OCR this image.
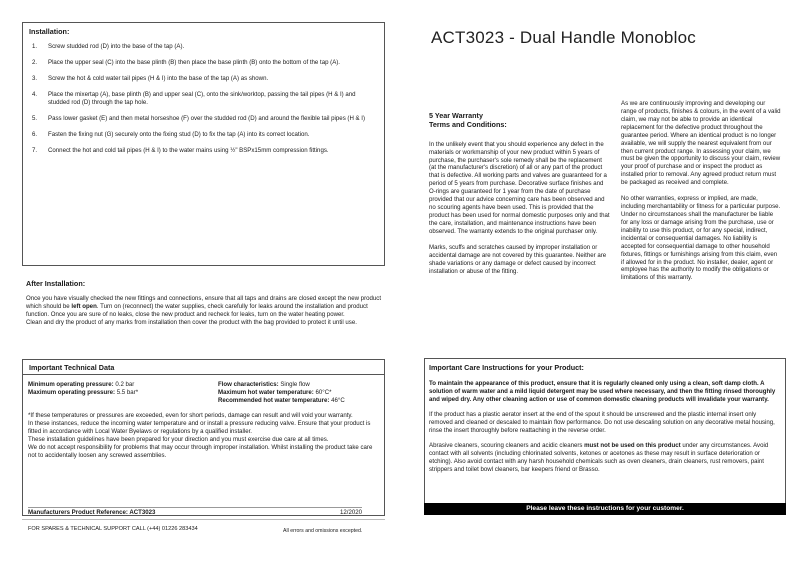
Installation:
1.	Screw studded rod (D) into the base of the tap (A).
2.	Place the upper seal (C) into the base plinth (B) then place the base plinth (B) onto the bottom of the tap (A).
3.	Screw the hot & cold water tail pipes (H & I) into the base of the tap (A) as shown.
4.	Place the mixertap (A), base plinth (B) and upper seal (C), onto the sink/worktop, passing the tail pipes (H & I) and studded rod (D) through the tap hole.
5.	Pass lower gasket (E) and then metal horseshoe (F) over the studded rod (D) and around the flexible tail pipes (H & I)
6.	Fasten the fixing nut (G) securely onto the fixing stud (D) to fix the tap (A) into its correct location.
7.	Connect the hot and cold tail pipes (H & I) to the water mains using ½" BSPx15mm compression fittings.
After Installation:

Once you have visually checked the new fittings and connections, ensure that all taps and drains are closed except the new product which should be left open. Turn on (reconnect) the water supplies, check carefully for leaks around the installation and product function. Once you are sure of no leaks, close the new product and recheck for leaks, turn on the water heating power.

Clean and dry the product of any marks from installation then cover the product with the bag provided to protect it until use.

Important Technical Data
Minimum operating pressure: 0.2 bar
Maximum operating pressure: 5.5 bar*
Flow characteristics: Single flow
Maximum hot water temperature: 60°C*
Recommended hot water temperature: 46°C

*If these temperatures or pressures are exceeded, even for short periods, damage can result and will void your warranty.
In these instances, reduce the incoming water temperature and or install a pressure reducing valve. Ensure that your product is fitted in accordance with Local Water Byelaws or regulations by a qualified installer.
These installation guidelines have been prepared for your direction and you must exercise due care at all times.
We do not accept responsibility for problems that may occur through improper installation. Whilst installing the product take care not to accidentally loosen any screwed assemblies.

Manufacturers Product Reference: ACT3023	12/2020
FOR SPARES & TECHNICAL SUPPORT CALL (+44) 01226 283434	All errors and omissions excepted.
ACT3023 - Dual Handle Monobloc
5 Year Warranty
Terms and Conditions:

In the unlikely event that you should experience any defect in the materials or workmanship of your new product within 5 years of purchase, the purchaser's sole remedy shall be the replacement (at the manufacturer's discretion) of all or any part of the product that is defective. All working parts and valves are guaranteed for a period of 5 years from purchase. Decorative surface finishes and O-rings are guaranteed for 1 year from the date of purchase provided that our advice concerning care has been observed and no scouring agents have been used. This is provided that the product has been used for normal domestic purposes only and that the care, installation, and maintenance instructions have been observed. The warranty extends to the original purchaser only.

Marks, scuffs and scratches caused by improper installation or accidental damage are not covered by this guarantee. Neither are shade variations or any damage or defect caused by incorrect installation or abuse of the fitting.

As we are continuously improving and developing our range of products, finishes & colours, in the event of a valid claim, we may not be able to provide an identical replacement for the defective product throughout the guarantee period. Where an identical product is no longer available, we will supply the nearest equivalent from our then current product range. In assessing your claim, we must be given the opportunity to discuss your claim, review your proof of purchase and or inspect the product as installed prior to removal. Any agreed product return must be packaged as received and complete.

No other warranties, express or implied, are made, including merchantability or fitness for a particular purpose. Under no circumstances shall the manufacturer be liable for any loss or damage arising from the purchase, use or inability to use this product, or for any special, indirect, incidental or consequential damages. No liability is accepted for consequential damage to other household fixtures, fittings or furnishings arising from this claim, even if allowed for in the product. No installer, dealer, agent or employee has the authority to modify the obligations or limitations of this warranty.

Important Care Instructions for your Product:

To maintain the appearance of this product, ensure that it is regularly cleaned only using a clean, soft damp cloth. A solution of warm water and a mild liquid detergent may be used where necessary, and then the fitting rinsed thoroughly and wiped dry. Any other cleaning action or use of common domestic cleaning products will invalidate your warranty.

If the product has a plastic aerator insert at the end of the spout it should be unscrewed and the plastic internal insert only removed and cleaned or descaled to maintain flow performance. Do not use descaling solution on any decorative metal housing, rinse the insert thoroughly before reattaching in the reverse order.

Abrasive cleaners, scouring cleaners and acidic cleaners must not be used on this product under any circumstances. Avoid contact with all solvents (including chlorinated solvents, ketones or acetones as these may result in surface deterioration or etching). Also avoid contact with any harsh household chemicals such as oven cleaners, drain cleaners, rust removers, paint strippers and toilet bowl cleaners, bar keepers friend or Brasso.

Please leave these instructions for your customer.
